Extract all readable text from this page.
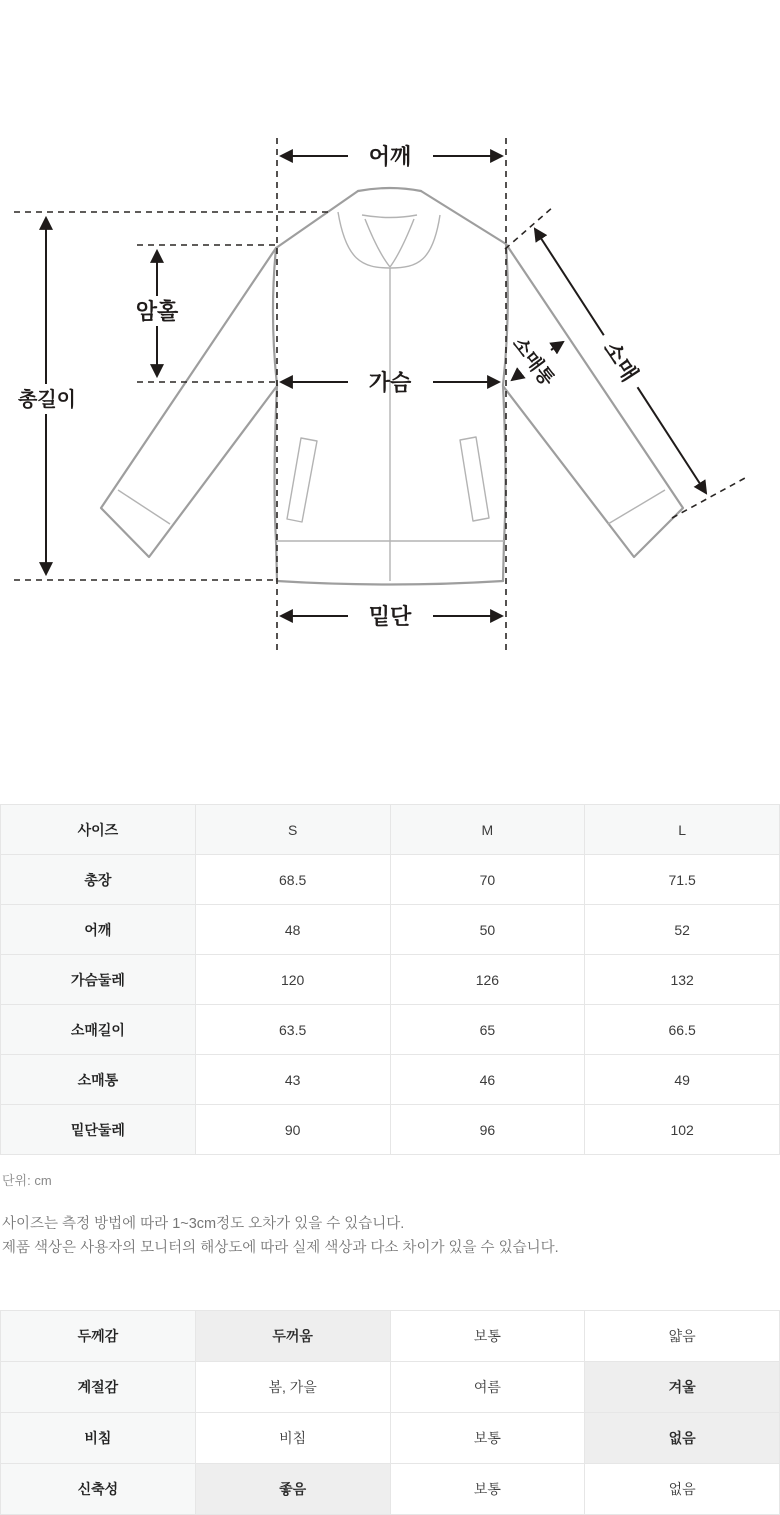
어깨
암홀
총길이
가슴
밑단
소매
소매통
사이즈	S	M	L
총장	68.5	70	71.5
어깨	48	50	52
가슴둘레	120	126	132
소매길이	63.5	65	66.5
소매통	43	46	49
밑단둘레	90	96	102
단위: cm

사이즈는 측정 방법에 따라 1~3cm정도 오차가 있을 수 있습니다.

제품 색상은 사용자의 모니터의 해상도에 따라 실제 색상과 다소 차이가 있을 수 있습니다.

두께감	두꺼움	보통	얇음
계절감	봄, 가을	여름	겨울
비침	비침	보통	없음
신축성	좋음	보통	없음
